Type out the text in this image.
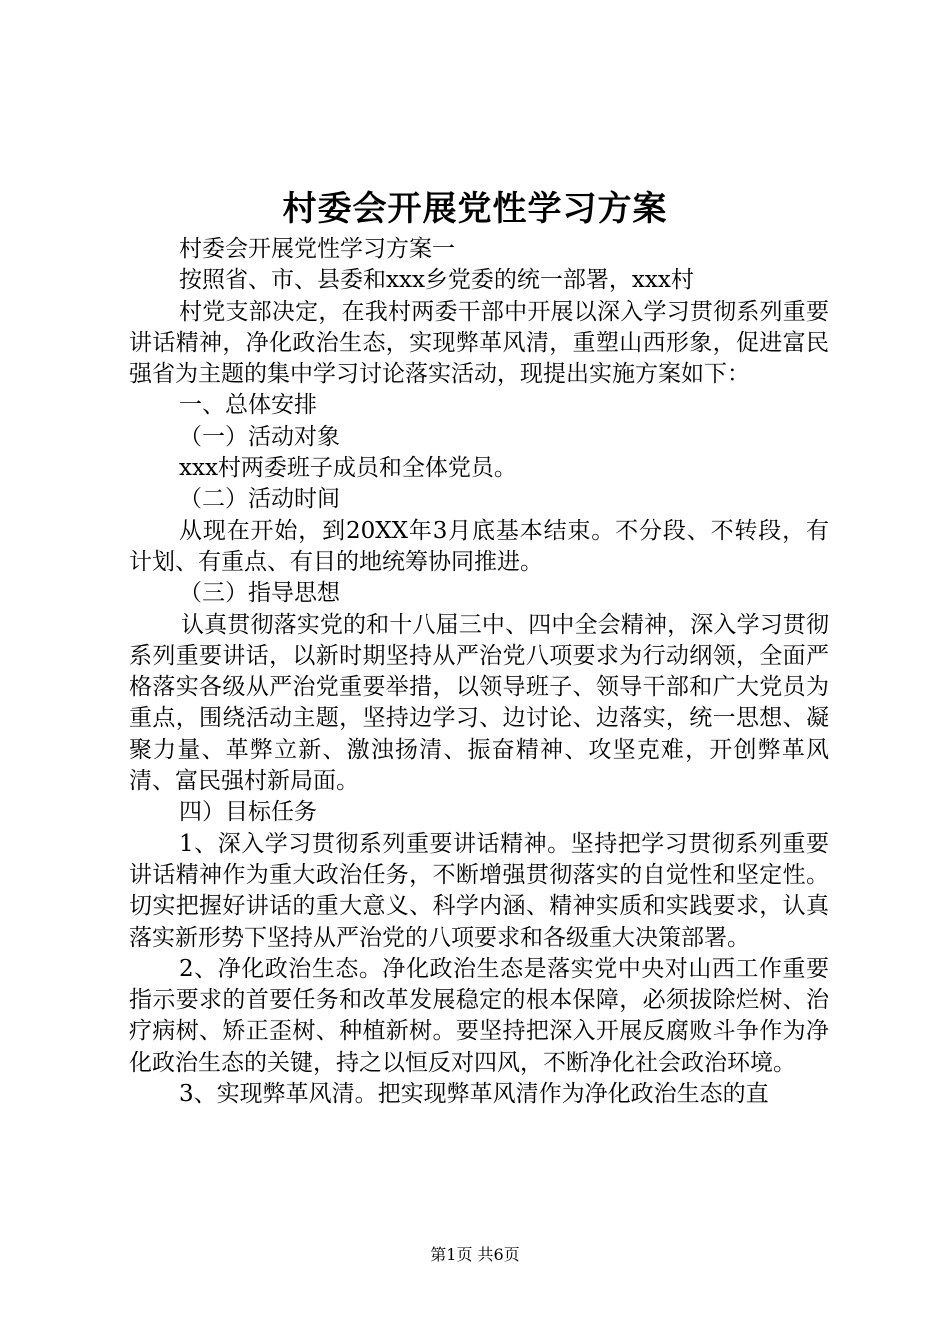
村委会开展党性学习方案

村委会开展党性学习方案一

按照省、市、县委和xxx乡党委的统一部署，xxx村

村党支部决定，在我村两委干部中开展以深入学习贯彻系列重要讲话精神，净化政治生态，实现弊革风清，重塑山西形象，促进富民强省为主题的集中学习讨论落实活动，现提出实施方案如下：

一、总体安排

（一）活动对象

xxx村两委班子成员和全体党员。

（二）活动时间

从现在开始，到20XX年3月底基本结束。不分段、不转段，有计划、有重点、有目的地统筹协同推进。

（三）指导思想

认真贯彻落实党的和十八届三中、四中全会精神，深入学习贯彻系列重要讲话，以新时期坚持从严治党八项要求为行动纲领，全面严格落实各级从严治党重要举措，以领导班子、领导干部和广大党员为重点，围绕活动主题，坚持边学习、边讨论、边落实，统一思想、凝聚力量、革弊立新、激浊扬清、振奋精神、攻坚克难，开创弊革风清、富民强村新局面。

四）目标任务

1、深入学习贯彻系列重要讲话精神。坚持把学习贯彻系列重要讲话精神作为重大政治任务，不断增强贯彻落实的自觉性和坚定性。切实把握好讲话的重大意义、科学内涵、精神实质和实践要求，认真落实新形势下坚持从严治党的八项要求和各级重大决策部署。

2、净化政治生态。净化政治生态是落实党中央对山西工作重要指示要求的首要任务和改革发展稳定的根本保障，必须拔除烂树、治疗病树、矫正歪树、种植新树。要坚持把深入开展反腐败斗争作为净化政治生态的关键，持之以恒反对四风，不断净化社会政治环境。

3、实现弊革风清。把实现弊革风清作为净化政治生态的直

第1页 共6页
